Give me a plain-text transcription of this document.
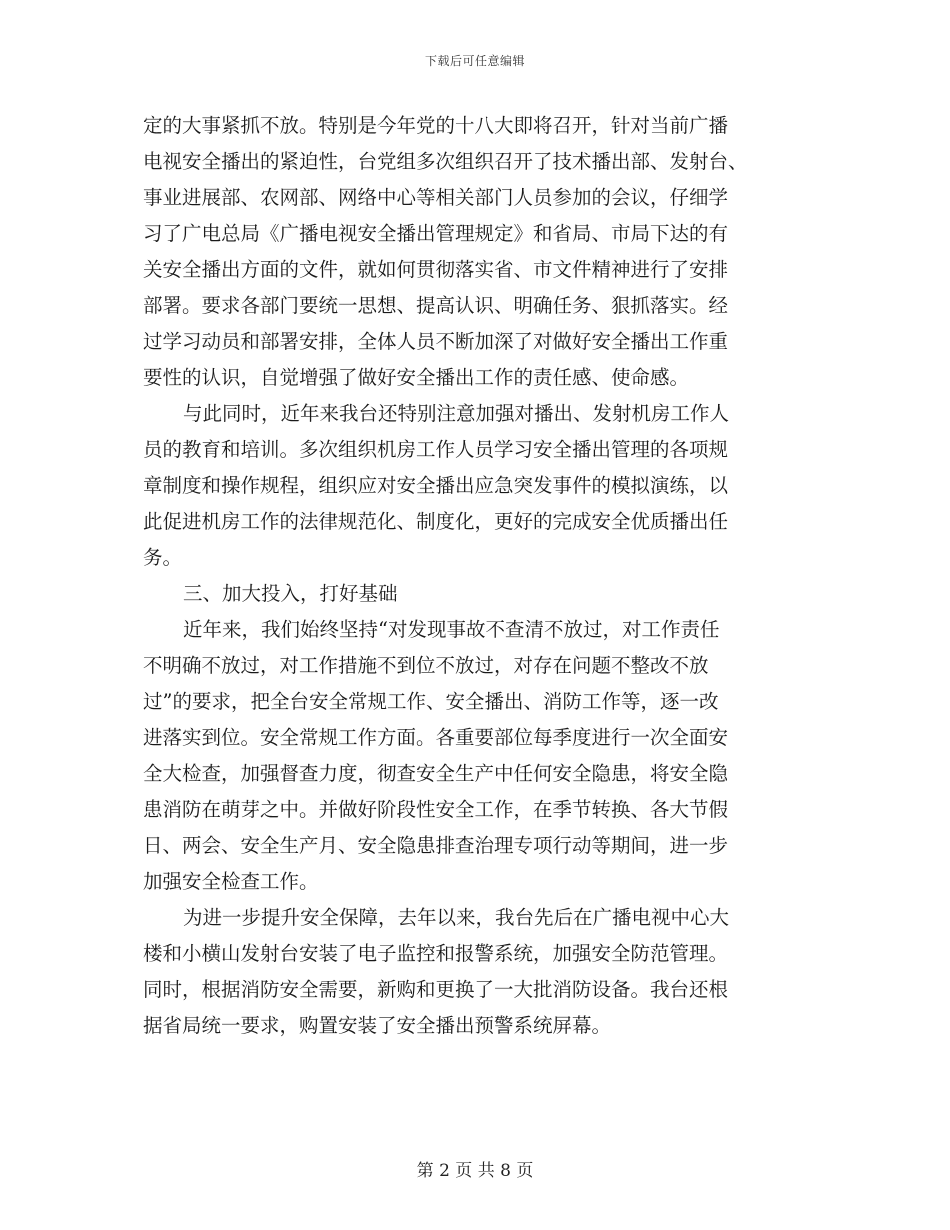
下载后可任意编辑
定的大事紧抓不放。特别是今年党的十八大即将召开，针对当前广播
电视安全播出的紧迫性，台党组多次组织召开了技术播出部、发射台、
事业进展部、农网部、网络中心等相关部门人员参加的会议，仔细学
习了广电总局《广播电视安全播出管理规定》和省局、市局下达的有
关安全播出方面的文件，就如何贯彻落实省、市文件精神进行了安排
部署。要求各部门要统一思想、提高认识、明确任务、狠抓落实。经
过学习动员和部署安排，全体人员不断加深了对做好安全播出工作重
要性的认识，自觉增强了做好安全播出工作的责任感、使命感。
与此同时，近年来我台还特别注意加强对播出、发射机房工作人
员的教育和培训。多次组织机房工作人员学习安全播出管理的各项规
章制度和操作规程，组织应对安全播出应急突发事件的模拟演练，以
此促进机房工作的法律规范化、制度化，更好的完成安全优质播出任
务。
三、加大投入，打好基础
近年来，我们始终坚持“对发现事故不查清不放过，对工作责任
不明确不放过，对工作措施不到位不放过，对存在问题不整改不放
过”的要求，把全台安全常规工作、安全播出、消防工作等，逐一改
进落实到位。安全常规工作方面。各重要部位每季度进行一次全面安
全大检查，加强督查力度，彻查安全生产中任何安全隐患，将安全隐
患消防在萌芽之中。并做好阶段性安全工作，在季节转换、各大节假
日、两会、安全生产月、安全隐患排查治理专项行动等期间，进一步
加强安全检查工作。
为进一步提升安全保障，去年以来，我台先后在广播电视中心大
楼和小横山发射台安装了电子监控和报警系统，加强安全防范管理。
同时，根据消防安全需要，新购和更换了一大批消防设备。我台还根
据省局统一要求，购置安装了安全播出预警系统屏幕。
第 2 页 共 8 页
